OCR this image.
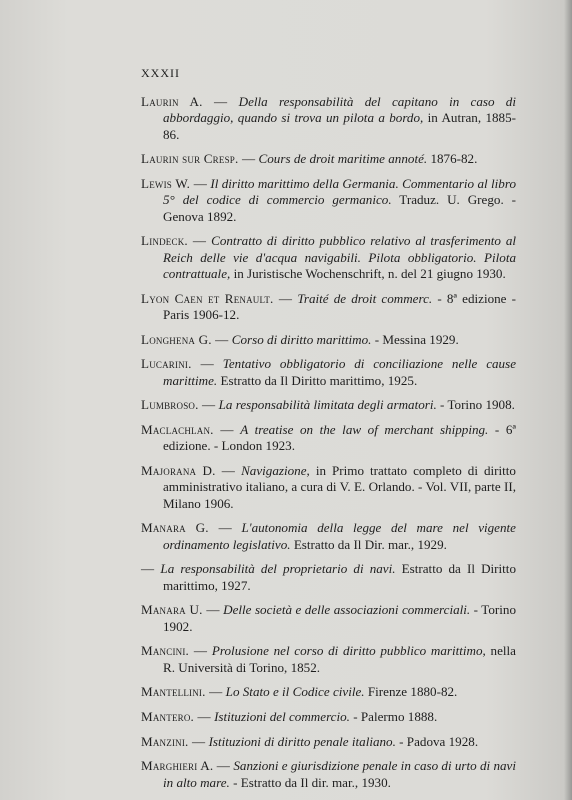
XXXII

Laurin A. — Della responsabilità del capitano in caso di abbordaggio, quando si trova un pilota a bordo, in Autran, 1885-86.

Laurin sur Cresp. — Cours de droit maritime annoté. 1876-82.

Lewis W. — Il diritto marittimo della Germania. Commentario al libro 5° del codice di commercio germanico. Traduz. U. Grego. - Genova 1892.

Lindeck. — Contratto di diritto pubblico relativo al trasferimento al Reich delle vie d'acqua navigabili. Pilota obbligatorio. Pilota contrattuale, in Juristische Wochenschrift, n. del 21 giugno 1930.

Lyon Caen et Renault. — Traité de droit commerc. - 8ª edizione - Paris 1906-12.

Longhena G. — Corso di diritto marittimo. - Messina 1929.

Lucarini. — Tentativo obbligatorio di conciliazione nelle cause marittime. Estratto da Il Diritto marittimo, 1925.

Lumbroso. — La responsabilità limitata degli armatori. - Torino 1908.

Maclachlan. — A treatise on the law of merchant shipping. - 6ª edizione. - London 1923.

Majorana D. — Navigazione, in Primo trattato completo di diritto amministrativo italiano, a cura di V. E. Orlando. - Vol. VII, parte II, Milano 1906.

Manara G. — L'autonomia della legge del mare nel vigente ordinamento legislativo. Estratto da Il Dir. mar., 1929.

— La responsabilità del proprietario di navi. Estratto da Il Diritto marittimo, 1927.

Manara U. — Delle società e delle associazioni commerciali. - Torino 1902.

Mancini. — Prolusione nel corso di diritto pubblico marittimo, nella R. Università di Torino, 1852.

Mantellini. — Lo Stato e il Codice civile. Firenze 1880-82.

Mantero. — Istituzioni del commercio. - Palermo 1888.

Manzini. — Istituzioni di diritto penale italiano. - Padova 1928.

Marghieri A. — Sanzioni e giurisdizione penale in caso di urto di navi in alto mare. - Estratto da Il dir. mar., 1930.
